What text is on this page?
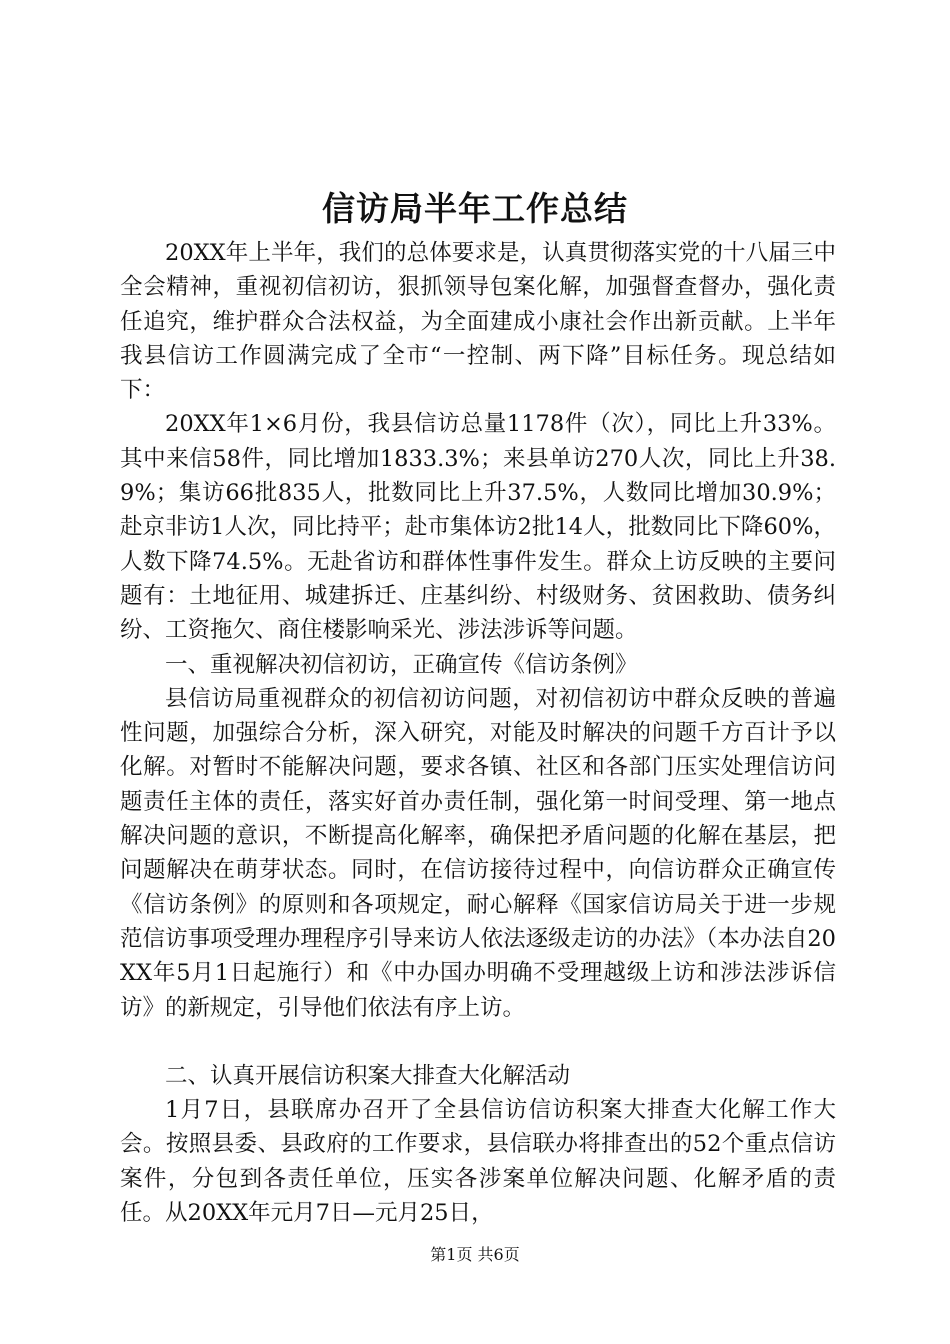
信访局半年工作总结

20XX年上半年，我们的总体要求是，认真贯彻落实党的十八届三中全会精神，重视初信初访，狠抓领导包案化解，加强督查督办，强化责任追究，维护群众合法权益，为全面建成小康社会作出新贡献。上半年我县信访工作圆满完成了全市“一控制、两下降”目标任务。现总结如下：

20XX年1×6月份，我县信访总量1178件（次），同比上升33%。其中来信58件，同比增加1833.3%；来县单访270人次，同比上升38.9%；集访66批835人，批数同比上升37.5%，人数同比增加30.9%；赴京非访1人次，同比持平；赴市集体访2批14人，批数同比下降60%，人数下降74.5%。无赴省访和群体性事件发生。群众上访反映的主要问题有：土地征用、城建拆迁、庄基纠纷、村级财务、贫困救助、债务纠纷、工资拖欠、商住楼影响采光、涉法涉诉等问题。

一、重视解决初信初访，正确宣传《信访条例》

县信访局重视群众的初信初访问题，对初信初访中群众反映的普遍性问题，加强综合分析，深入研究，对能及时解决的问题千方百计予以化解。对暂时不能解决问题，要求各镇、社区和各部门压实处理信访问题责任主体的责任，落实好首办责任制，强化第一时间受理、第一地点解决问题的意识，不断提高化解率，确保把矛盾问题的化解在基层，把问题解决在萌芽状态。同时，在信访接待过程中，向信访群众正确宣传《信访条例》的原则和各项规定，耐心解释《国家信访局关于进一步规范信访事项受理办理程序引导来访人依法逐级走访的办法》（本办法自20XX年5月1日起施行）和《中办国办明确不受理越级上访和涉法涉诉信访》的新规定，引导他们依法有序上访。

二、认真开展信访积案大排查大化解活动

1月7日，县联席办召开了全县信访信访积案大排查大化解工作大会。按照县委、县政府的工作要求，县信联办将排查出的52个重点信访案件，分包到各责任单位，压实各涉案单位解决问题、化解矛盾的责任。从20XX年元月7日—元月25日，

第1页 共6页
